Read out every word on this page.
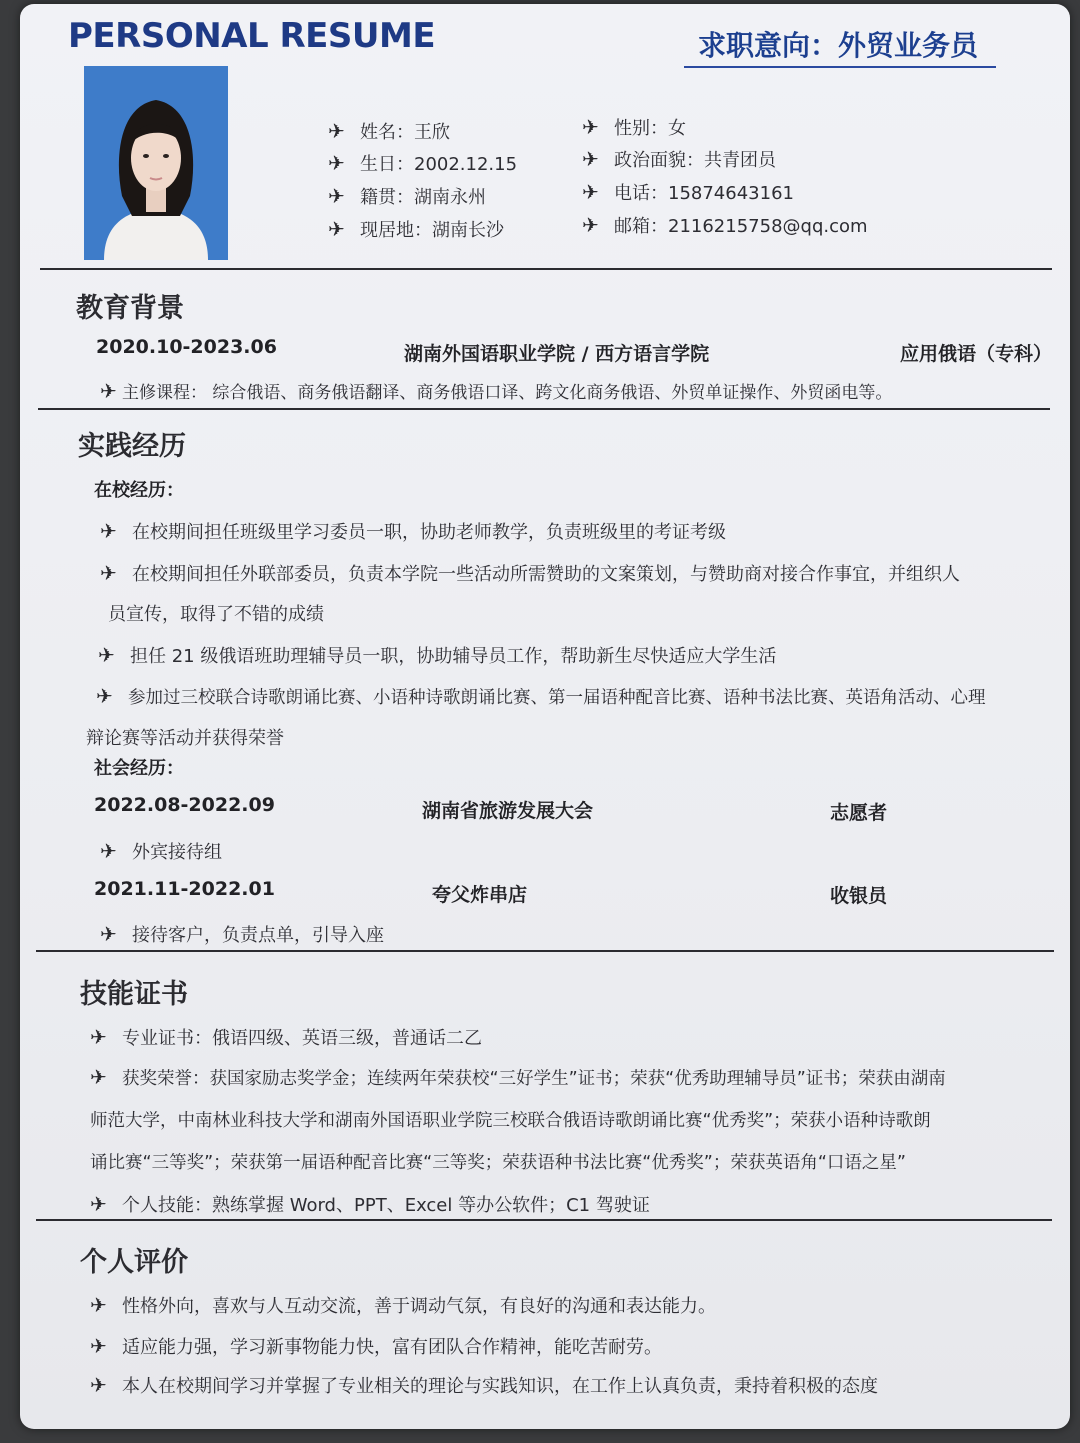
PERSONAL RESUME	求职意向：外贸业务员
✈ 姓名：王欣	✈ 性别：女
✈ 生日：2002.12.15	✈ 政治面貌：共青团员
✈ 籍贯：湖南永州	✈ 电话：15874643161
✈ 现居地：湖南长沙	✈ 邮箱：2116215758@qq.com
教育背景
2020.10-2023.06	湖南外国语职业学院 / 西方语言学院	应用俄语（专科）
✈ 主修课程： 综合俄语、商务俄语翻译、商务俄语口译、跨文化商务俄语、外贸单证操作、外贸函电等。
实践经历
在校经历：
✈ 在校期间担任班级里学习委员一职，协助老师教学，负责班级里的考证考级
✈ 在校期间担任外联部委员，负责本学院一些活动所需赞助的文案策划，与赞助商对接合作事宜，并组织人
员宣传，取得了不错的成绩
✈ 担任 21 级俄语班助理辅导员一职，协助辅导员工作，帮助新生尽快适应大学生活
✈ 参加过三校联合诗歌朗诵比赛、小语种诗歌朗诵比赛、第一届语种配音比赛、语种书法比赛、英语角活动、心理
辩论赛等活动并获得荣誉
社会经历：
2022.08-2022.09	湖南省旅游发展大会	志愿者
✈ 外宾接待组
2021.11-2022.01	夸父炸串店	收银员
✈ 接待客户，负责点单，引导入座
技能证书
✈ 专业证书：俄语四级、英语三级，普通话二乙
✈ 获奖荣誉：获国家励志奖学金；连续两年荣获校“三好学生”证书；荣获“优秀助理辅导员”证书；荣获由湖南
师范大学，中南林业科技大学和湖南外国语职业学院三校联合俄语诗歌朗诵比赛“优秀奖”；荣获小语种诗歌朗
诵比赛“三等奖”；荣获第一届语种配音比赛“三等奖；荣获语种书法比赛“优秀奖”；荣获英语角“口语之星”
✈ 个人技能：熟练掌握 Word、PPT、Excel 等办公软件；C1 驾驶证
个人评价
✈ 性格外向，喜欢与人互动交流，善于调动气氛，有良好的沟通和表达能力。
✈ 适应能力强，学习新事物能力快，富有团队合作精神，能吃苦耐劳。
✈ 本人在校期间学习并掌握了专业相关的理论与实践知识，在工作上认真负责，秉持着积极的态度
